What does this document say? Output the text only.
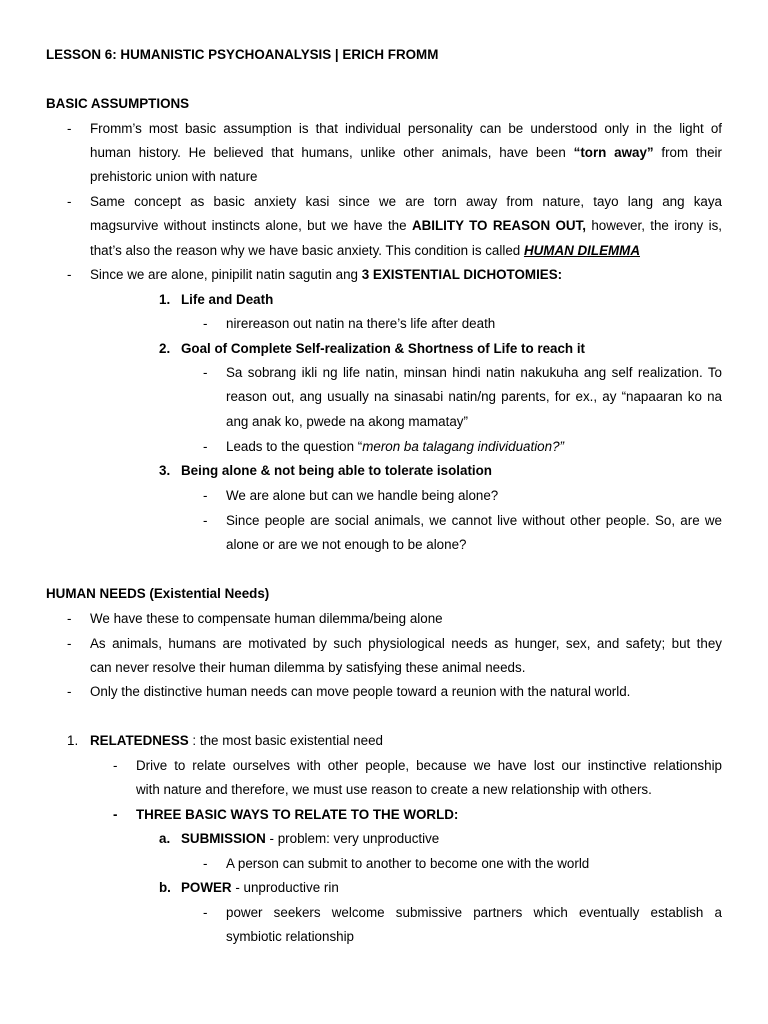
LESSON 6: HUMANISTIC PSYCHOANALYSIS | ERICH FROMM
BASIC ASSUMPTIONS
- Fromm’s most basic assumption is that individual personality can be understood only in the light of
human history. He believed that humans, unlike other animals, have been “torn away” from their
prehistoric union with nature
- Same concept as basic anxiety kasi since we are torn away from nature, tayo lang ang kaya
magsurvive without instincts alone, but we have the ABILITY TO REASON OUT, however, the irony is,
that’s also the reason why we have basic anxiety. This condition is called HUMAN DILEMMA
- Since we are alone, pinipilit natin sagutin ang 3 EXISTENTIAL DICHOTOMIES:
1. Life and Death
- nirereason out natin na there’s life after death
2. Goal of Complete Self-realization & Shortness of Life to reach it
- Sa sobrang ikli ng life natin, minsan hindi natin nakukuha ang self realization. To
reason out, ang usually na sinasabi natin/ng parents, for ex., ay “napaaran ko na
ang anak ko, pwede na akong mamatay”
- Leads to the question “meron ba talagang individuation?”
3. Being alone & not being able to tolerate isolation
- We are alone but can we handle being alone?
- Since people are social animals, we cannot live without other people. So, are we
alone or are we not enough to be alone?
HUMAN NEEDS (Existential Needs)
- We have these to compensate human dilemma/being alone
- As animals, humans are motivated by such physiological needs as hunger, sex, and safety; but they
can never resolve their human dilemma by satisfying these animal needs.
- Only the distinctive human needs can move people toward a reunion with the natural world.
1. RELATEDNESS : the most basic existential need
- Drive to relate ourselves with other people, because we have lost our instinctive relationship
with nature and therefore, we must use reason to create a new relationship with others.
- THREE BASIC WAYS TO RELATE TO THE WORLD:
a. SUBMISSION - problem: very unproductive
- A person can submit to another to become one with the world
b. POWER - unproductive rin
- power seekers welcome submissive partners which eventually establish a
symbiotic relationship
